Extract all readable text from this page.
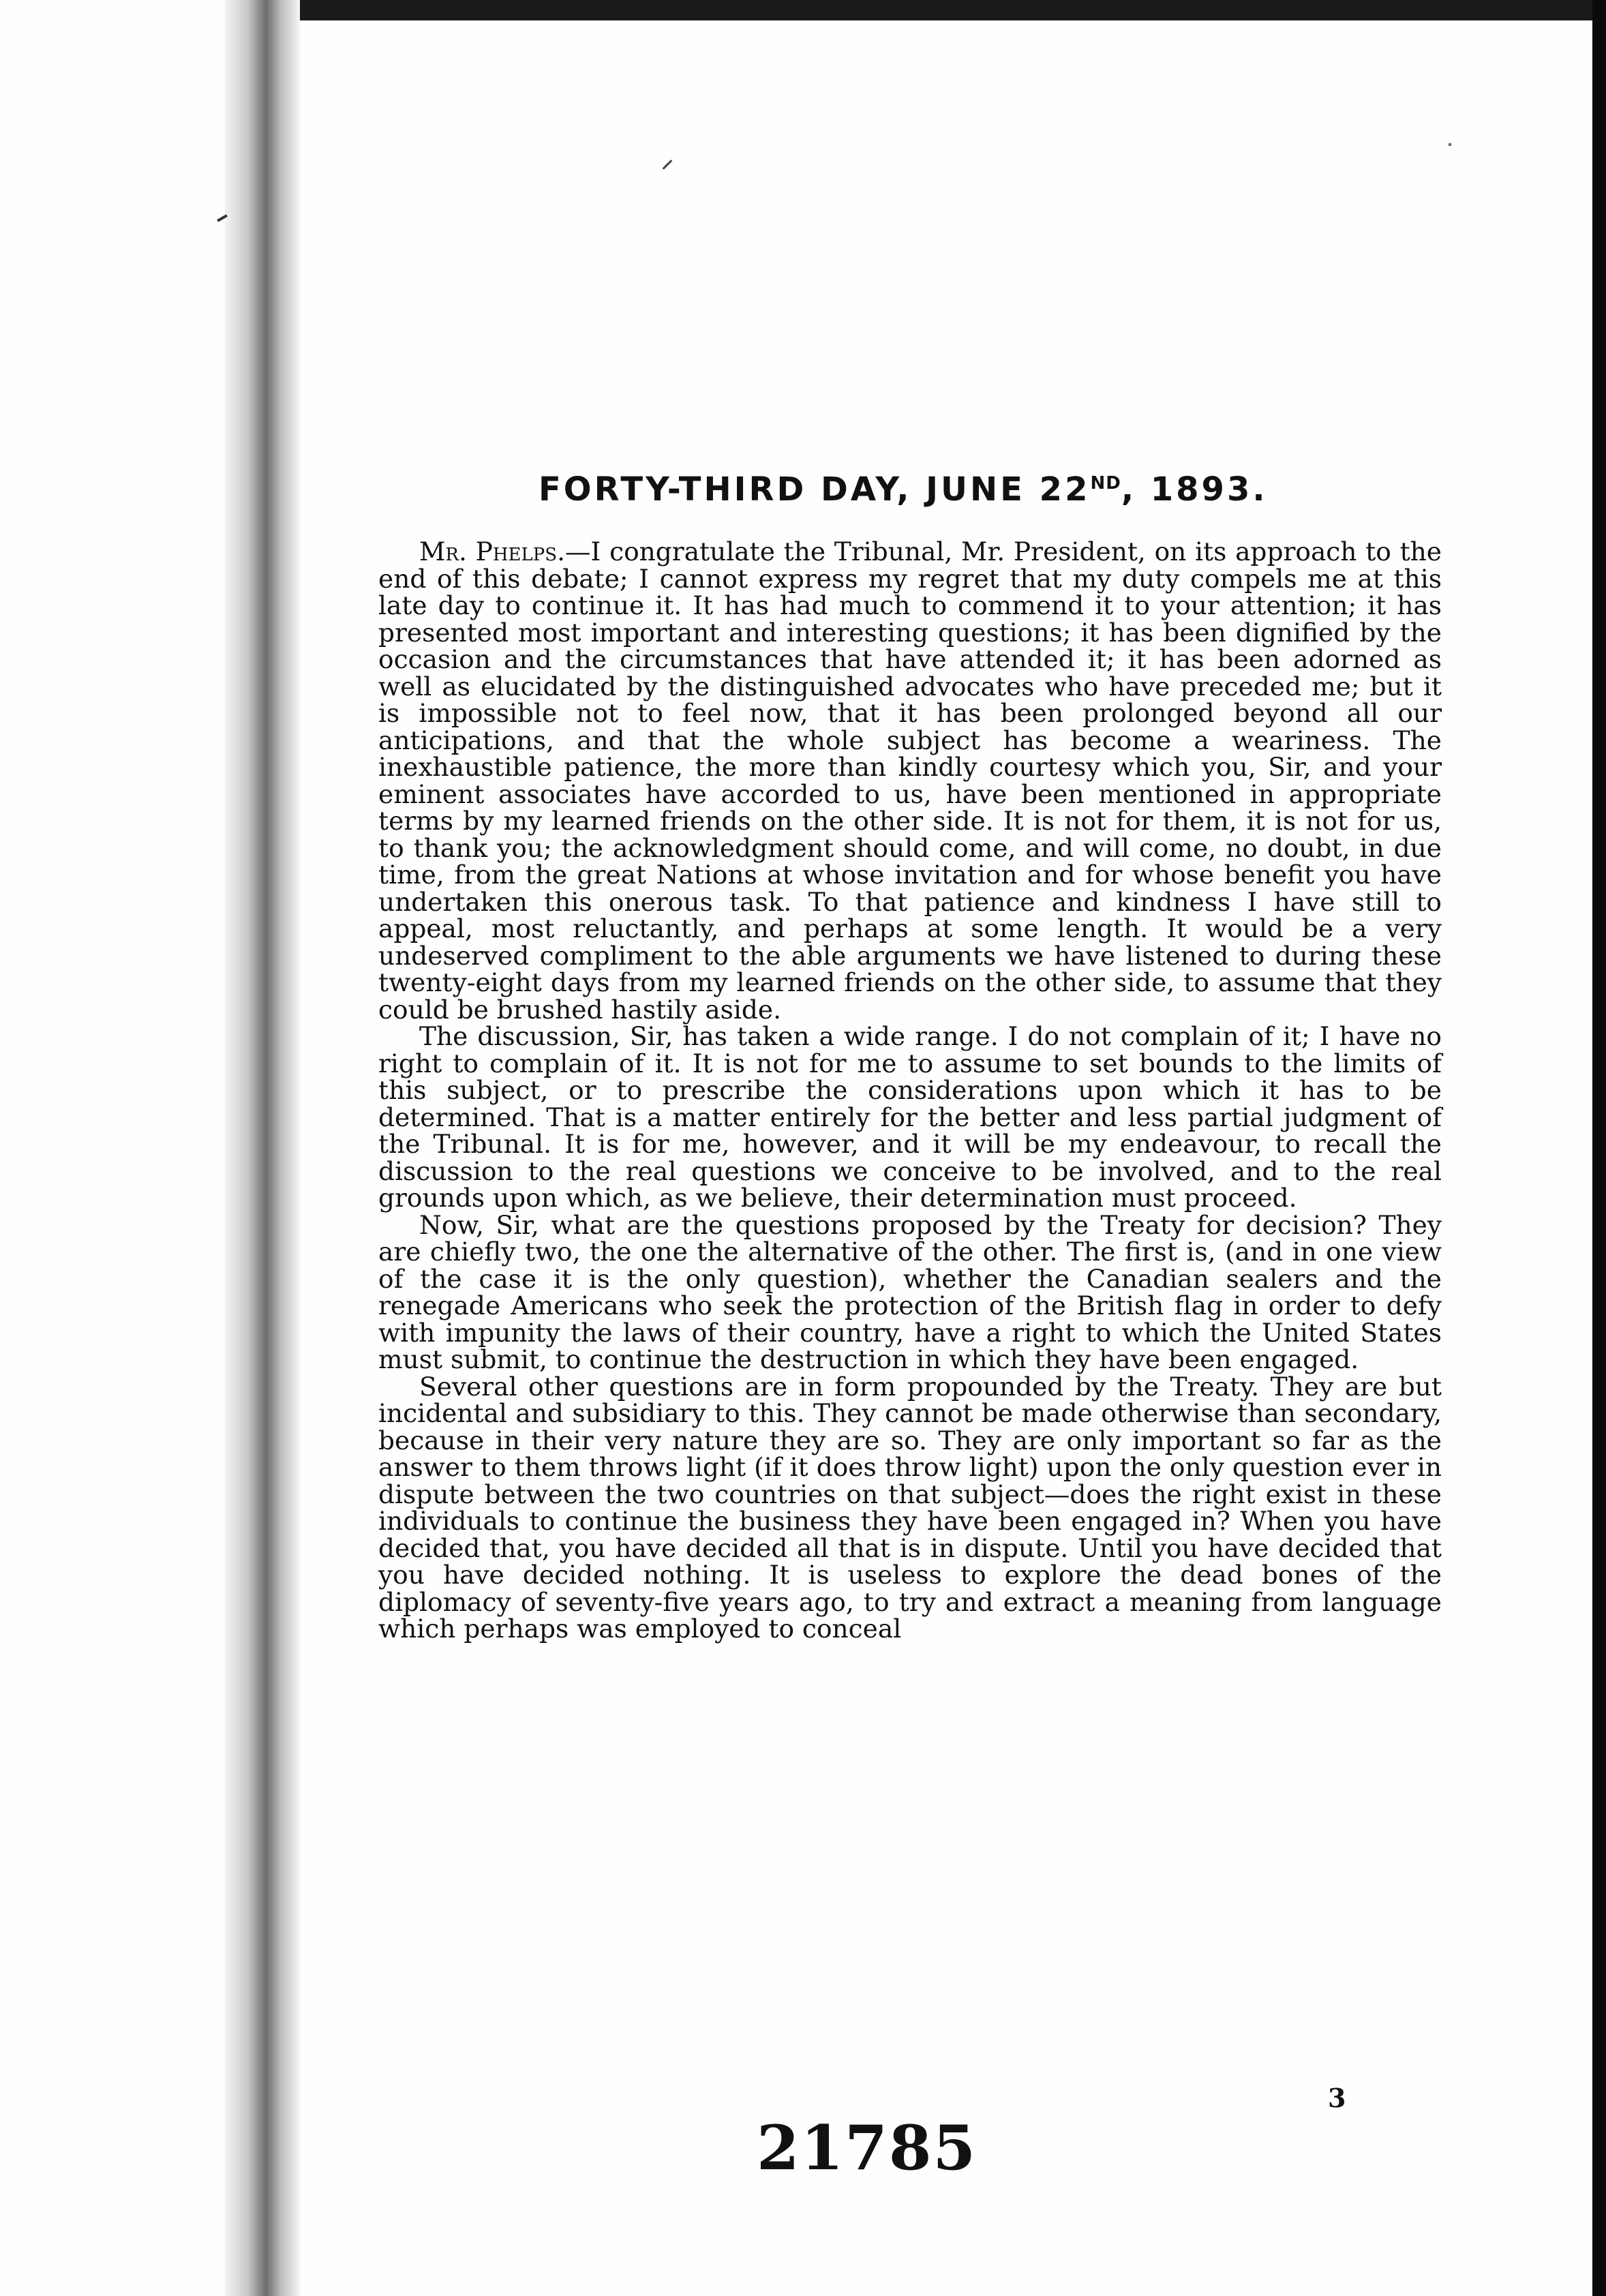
FORTY-THIRD DAY, JUNE 22ND, 1893.

Mr. Phelps.—I congratulate the Tribunal, Mr. President, on its approach to the end of this debate; I cannot express my regret that my duty compels me at this late day to continue it. It has had much to commend it to your attention; it has presented most important and interesting questions; it has been dignified by the occasion and the circumstances that have attended it; it has been adorned as well as elucidated by the distinguished advocates who have preceded me; but it is impossible not to feel now, that it has been prolonged beyond all our anticipations, and that the whole subject has become a weariness. The inexhaustible patience, the more than kindly courtesy which you, Sir, and your eminent associates have accorded to us, have been mentioned in appropriate terms by my learned friends on the other side. It is not for them, it is not for us, to thank you; the acknowledgment should come, and will come, no doubt, in due time, from the great Nations at whose invitation and for whose benefit you have undertaken this onerous task. To that patience and kindness I have still to appeal, most reluctantly, and perhaps at some length. It would be a very undeserved compliment to the able arguments we have listened to during these twenty-eight days from my learned friends on the other side, to assume that they could be brushed hastily aside.

The discussion, Sir, has taken a wide range. I do not complain of it; I have no right to complain of it. It is not for me to assume to set bounds to the limits of this subject, or to prescribe the considerations upon which it has to be determined. That is a matter entirely for the better and less partial judgment of the Tribunal. It is for me, however, and it will be my endeavour, to recall the discussion to the real questions we conceive to be involved, and to the real grounds upon which, as we believe, their determination must proceed.

Now, Sir, what are the questions proposed by the Treaty for decision? They are chiefly two, the one the alternative of the other. The first is, (and in one view of the case it is the only question), whether the Canadian sealers and the renegade Americans who seek the protection of the British flag in order to defy with impunity the laws of their country, have a right to which the United States must submit, to continue the destruction in which they have been engaged.

Several other questions are in form propounded by the Treaty. They are but incidental and subsidiary to this. They cannot be made otherwise than secondary, because in their very nature they are so. They are only important so far as the answer to them throws light (if it does throw light) upon the only question ever in dispute between the two countries on that subject—does the right exist in these individuals to continue the business they have been engaged in? When you have decided that, you have decided all that is in dispute. Until you have decided that you have decided nothing. It is useless to explore the dead bones of the diplomacy of seventy-five years ago, to try and extract a meaning from language which perhaps was employed to conceal

3
21785
